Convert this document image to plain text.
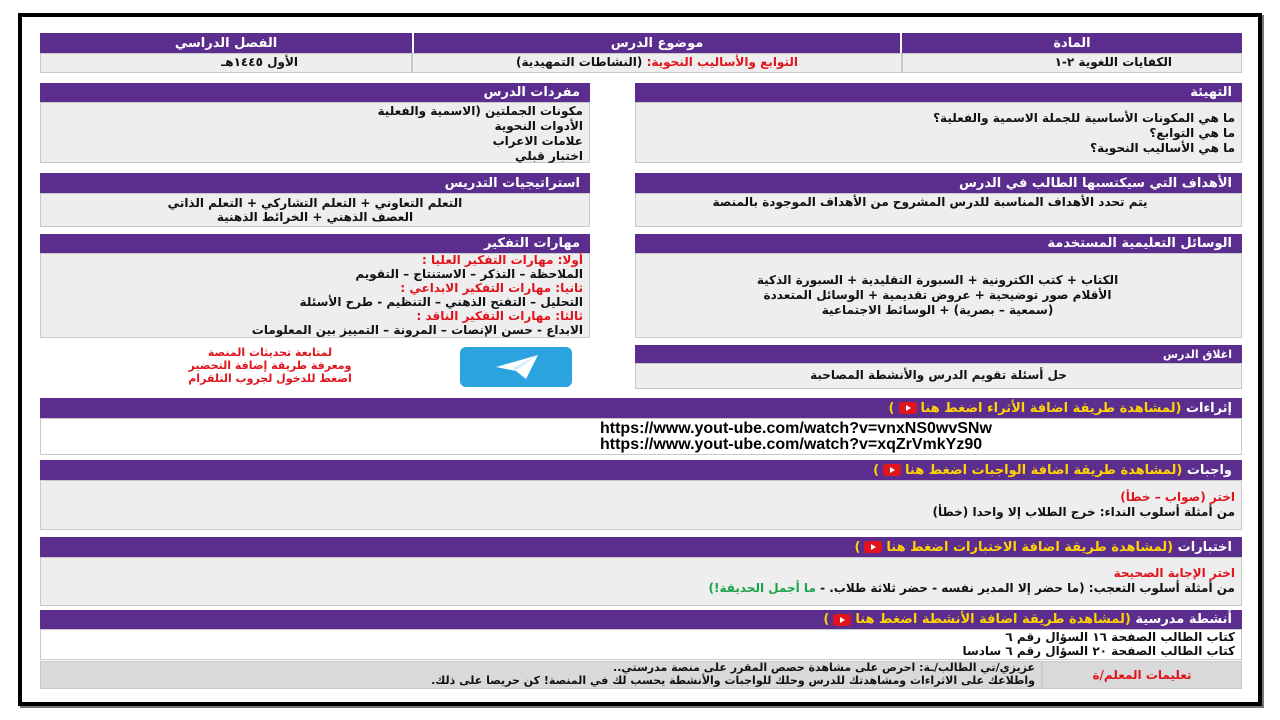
المادة
موضوع الدرس
الفصل الدراسي
الكفايات اللغوية ٢-١
التوابع والأساليب النحوية: (النشاطات التمهيدية)
الأول ١٤٤٥هـ
التهيئة
ما هي المكونات الأساسية للجملة الاسمية والفعلية؟
ما هي التوابع؟
ما هي الأساليب النحوية؟
مفردات الدرس
مكونات الجملتين (الاسمية والفعلية
الأدوات النحوية
علامات الاعراب
اختبار قبلي
الأهداف التي سيكتسبها الطالب في الدرس
يتم تحدد الأهداف المناسبة للدرس المشروح من الأهداف الموجودة بالمنصة
استراتيجيات التدريس
التعلم التعاوني + التعلم التشاركي + التعلم الذاتي
العصف الذهني + الخرائط الذهنية
الوسائل التعليمية المستخدمة
الكتاب + كتب الكترونية + السبورة التقليدية + السبورة الذكية
الأقلام صور توضيحية + عروض تقديمية + الوسائل المتعددة
(سمعية – بصرية) + الوسائط الاجتماعية
مهارات التفكير
أولا: مهارات التفكير العليا :
الملاحظة – التذكر – الاستنتاج – التقويم
ثانيا: مهارات التفكير الابداعي :
التحليل – التفتح الذهني – التنظيم - طرح الأسئلة
ثالثا: مهارات التفكير الناقد :
الابداع - حسن الإنصات – المرونة – التمييز بين المعلومات
اغلاق الدرس
حل أسئلة تقويم الدرس والأنشطة المصاحبة
لمتابعة تحديثات المنصة
ومعرفة طريقة إضافة التحضير
اضغط للدخول لجروب التلقرام
إثراءات

(لمشاهدة طريقة اضافة الأثراء اضغط هنا
)
https://www.yout-ube.com/watch?v=vnxNS0wvSNw
https://www.yout-ube.com/watch?v=xqZrVmkYz90
واجبات

(لمشاهدة طريقة اضافة الواجبات اضغط هنا
)
اختر (صواب – خطأ)
من أمثلة أسلوب النداء: خرج الطلاب إلا واحدا (خطأ)
اختبارات

(لمشاهدة طريقة اضافة الاختبارات اضغط هنا
)
اختر الإجابة الصحيحة
من أمثلة أسلوب التعجب: (ما حضر إلا المدير نفسه - حضر ثلاثة طلاب. - ما أجمل الحديقة!)
أنشطة مدرسية

(لمشاهدة طريقة اضافة الأنشطة اضغط هنا
)
كتاب الطالب الصفحة ١٦ السؤال رقم ٦
كتاب الطالب الصفحة ٢٠ السؤال رقم ٦ سادسا
تعليمات المعلم/ة
عزيزي/تي الطالب/ـة: احرص على مشاهدة حصص المقرر على منصة مدرستي..
واطلاعك على الاثراءات ومشاهدتك للدرس وحلك للواجبات والأنشطة يحسب لك في المنصة! كن حريصا على ذلك.
